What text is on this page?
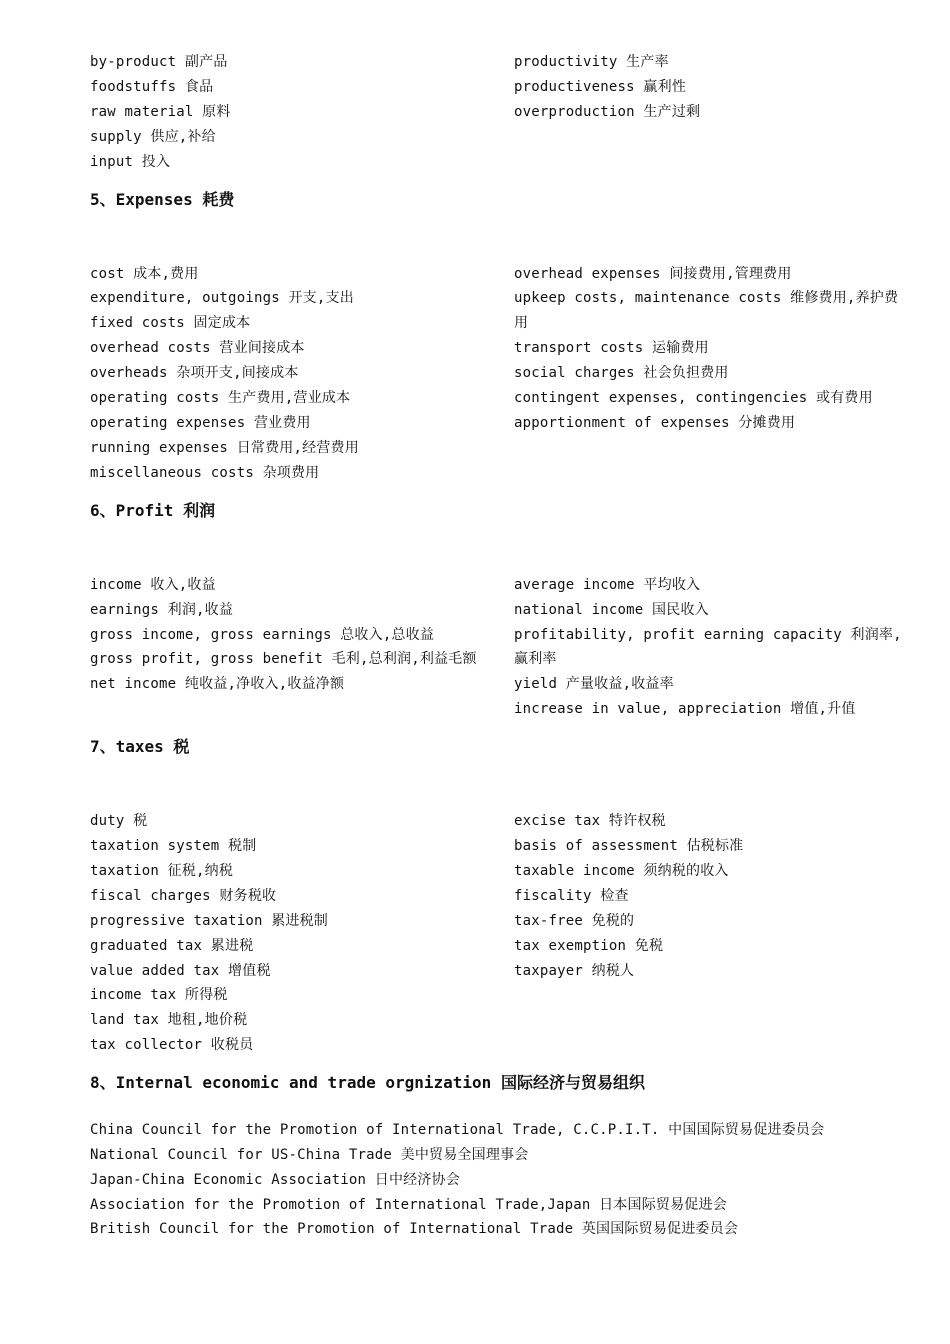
by-product 副产品
foodstuffs 食品
raw material 原料
supply 供应,补给
input 投入
productivity 生产率
productiveness 赢利性
overproduction 生产过剩
5、Expenses 耗费
cost 成本,费用
expenditure, outgoings 开支,支出
fixed costs 固定成本
overhead costs 营业间接成本
overheads 杂项开支,间接成本
operating costs 生产费用,营业成本
operating expenses 营业费用
running expenses 日常费用,经营费用
miscellaneous costs 杂项费用
overhead expenses 间接费用,管理费用
upkeep costs, maintenance costs 维修费用,养护费用
transport costs 运输费用
social charges 社会负担费用
contingent expenses, contingencies 或有费用
apportionment of expenses 分摊费用
6、Profit 利润
income 收入,收益
earnings 利润,收益
gross income, gross earnings 总收入,总收益
gross profit, gross benefit 毛利,总利润,利益毛额
net income 纯收益,净收入,收益净额
average income 平均收入
national income 国民收入
profitability, profit earning capacity 利润率,赢利率
yield 产量收益,收益率
increase in value, appreciation 增值,升值
7、taxes 税
duty 税
taxation system 税制
taxation 征税,纳税
fiscal charges 财务税收
progressive taxation 累进税制
graduated tax 累进税
value added tax 增值税
income tax 所得税
land tax 地租,地价税
tax collector 收税员
excise tax 特许权税
basis of assessment 估税标准
taxable income 须纳税的收入
fiscality 检查
tax-free 免税的
tax exemption 免税
taxpayer 纳税人
8、Internal economic and trade orgnization 国际经济与贸易组织
China Council for the Promotion of International Trade, C.C.P.I.T. 中国国际贸易促进委员会
National Council for US-China Trade 美中贸易全国理事会
Japan-China Economic Association 日中经济协会
Association for the Promotion of International Trade,Japan 日本国际贸易促进会
British Council for the Promotion of International Trade 英国国际贸易促进委员会
